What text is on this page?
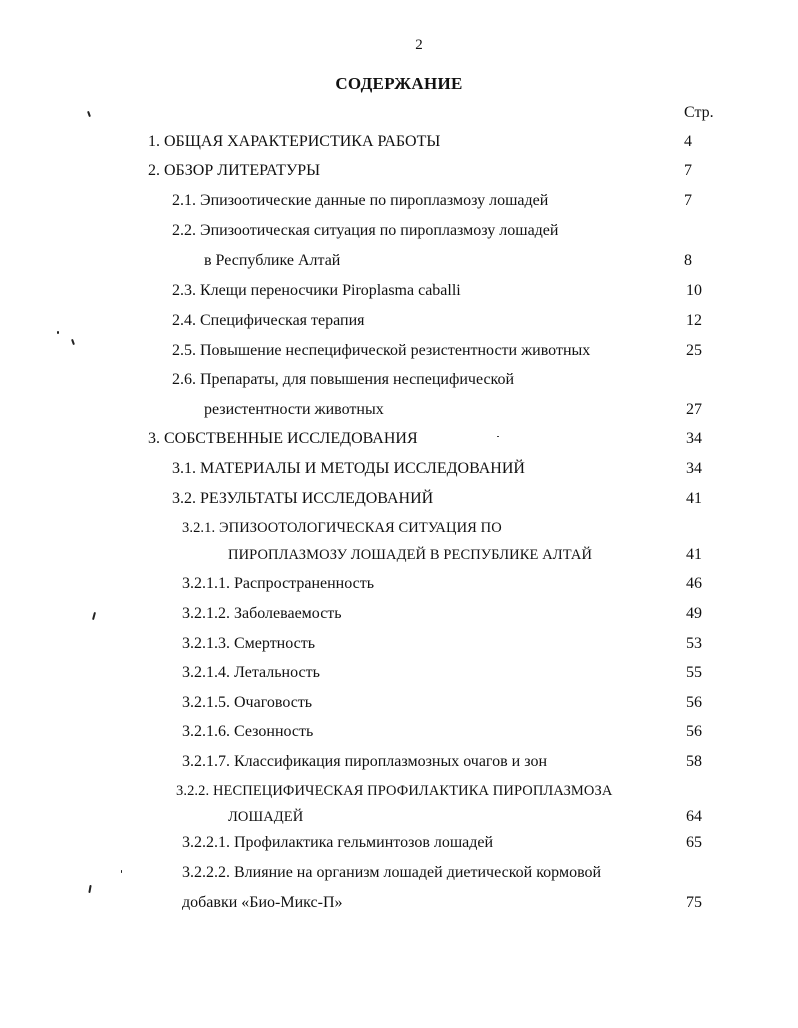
2
СОДЕРЖАНИЕ
Стр.
1. ОБЩАЯ ХАРАКТЕРИСТИКА РАБОТЫ	4
2. ОБЗОР ЛИТЕРАТУРЫ	7
2.1. Эпизоотические данные по пироплазмозу лошадей	7
2.2. Эпизоотическая ситуация по пироплазмозу лошадей
в Республике Алтай	8
2.3. Клещи переносчики Piroplasma caballi	10
2.4. Специфическая терапия	12
2.5. Повышение неспецифической резистентности животных	25
2.6. Препараты, для повышения неспецифической
резистентности животных	27
3. СОБСТВЕННЫЕ ИССЛЕДОВАНИЯ	34
3.1. МАТЕРИАЛЫ И МЕТОДЫ ИССЛЕДОВАНИЙ	34
3.2. РЕЗУЛЬТАТЫ ИССЛЕДОВАНИЙ	41
3.2.1. ЭПИЗООТОЛОГИЧЕСКАЯ СИТУАЦИЯ ПО
ПИРОПЛАЗМОЗУ ЛОШАДЕЙ В РЕСПУБЛИКЕ АЛТАЙ	41
3.2.1.1. Распространенность	46
3.2.1.2. Заболеваемость	49
3.2.1.3. Смертность	53
3.2.1.4. Летальность	55
3.2.1.5. Очаговость	56
3.2.1.6. Сезонность	56
3.2.1.7. Классификация пироплазмозных очагов и зон	58
3.2.2. НЕСПЕЦИФИЧЕСКАЯ ПРОФИЛАКТИКА ПИРОПЛАЗМОЗА
ЛОШАДЕЙ	64
3.2.2.1. Профилактика гельминтозов лошадей	65
3.2.2.2. Влияние на организм лошадей диетической кормовой
добавки «Био-Микс-П»	75
